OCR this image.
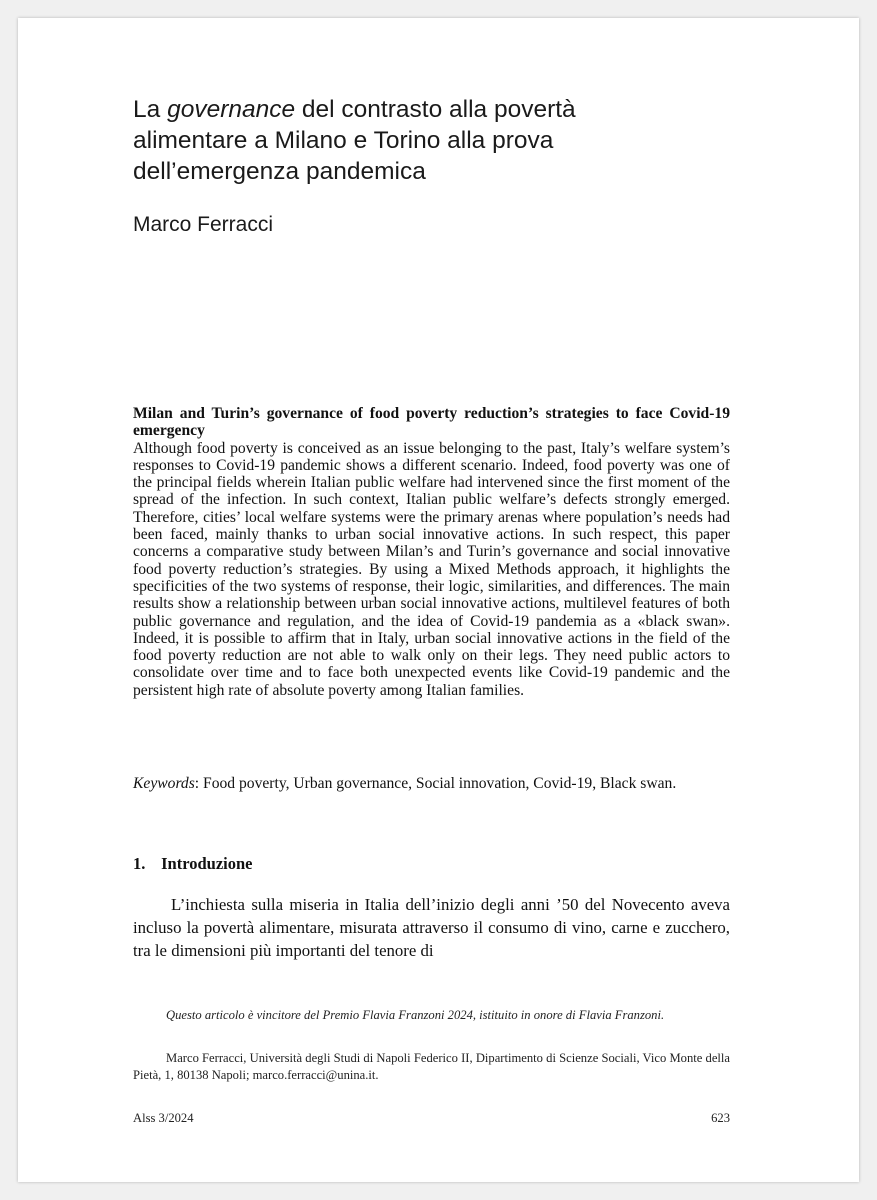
La governance del contrasto alla povertà alimentare a Milano e Torino alla prova dell’emergenza pandemica
Marco Ferracci

Milan and Turin’s governance of food poverty reduction’s strategies to face Covid-19 emergency

Although food poverty is conceived as an issue belonging to the past, Italy’s welfare system’s responses to Covid-19 pandemic shows a different scenario. Indeed, food poverty was one of the principal fields wherein Italian public welfare had intervened since the first moment of the spread of the infection. In such context, Italian public welfare’s defects strongly emerged. Therefore, cities’ local welfare systems were the primary arenas where population’s needs had been faced, mainly thanks to urban social innovative actions. In such respect, this paper concerns a comparative study between Milan’s and Turin’s governance and social innovative food poverty reduction’s strategies. By using a Mixed Methods approach, it highlights the specificities of the two systems of response, their logic, similarities, and differences. The main results show a relationship between urban social innovative actions, multilevel features of both public governance and regulation, and the idea of Covid-19 pandemia as a «black swan». Indeed, it is possible to affirm that in Italy, urban social innovative actions in the field of the food poverty reduction are not able to walk only on their legs. They need public actors to consolidate over time and to face both unexpected events like Covid-19 pandemic and the persistent high rate of absolute poverty among Italian families.

Keywords: Food poverty, Urban governance, Social innovation, Covid-19, Black swan.

1. Introduzione

L’inchiesta sulla miseria in Italia dell’inizio degli anni ’50 del Novecento aveva incluso la povertà alimentare, misurata attraverso il consumo di vino, carne e zucchero, tra le dimensioni più importanti del tenore di

Questo articolo è vincitore del Premio Flavia Franzoni 2024, istituito in onore di Flavia Franzoni.

Marco Ferracci, Università degli Studi di Napoli Federico II, Dipartimento di Scienze Sociali, Vico Monte della Pietà, 1, 80138 Napoli; marco.ferracci@unina.it.

Alss 3/2024	623
